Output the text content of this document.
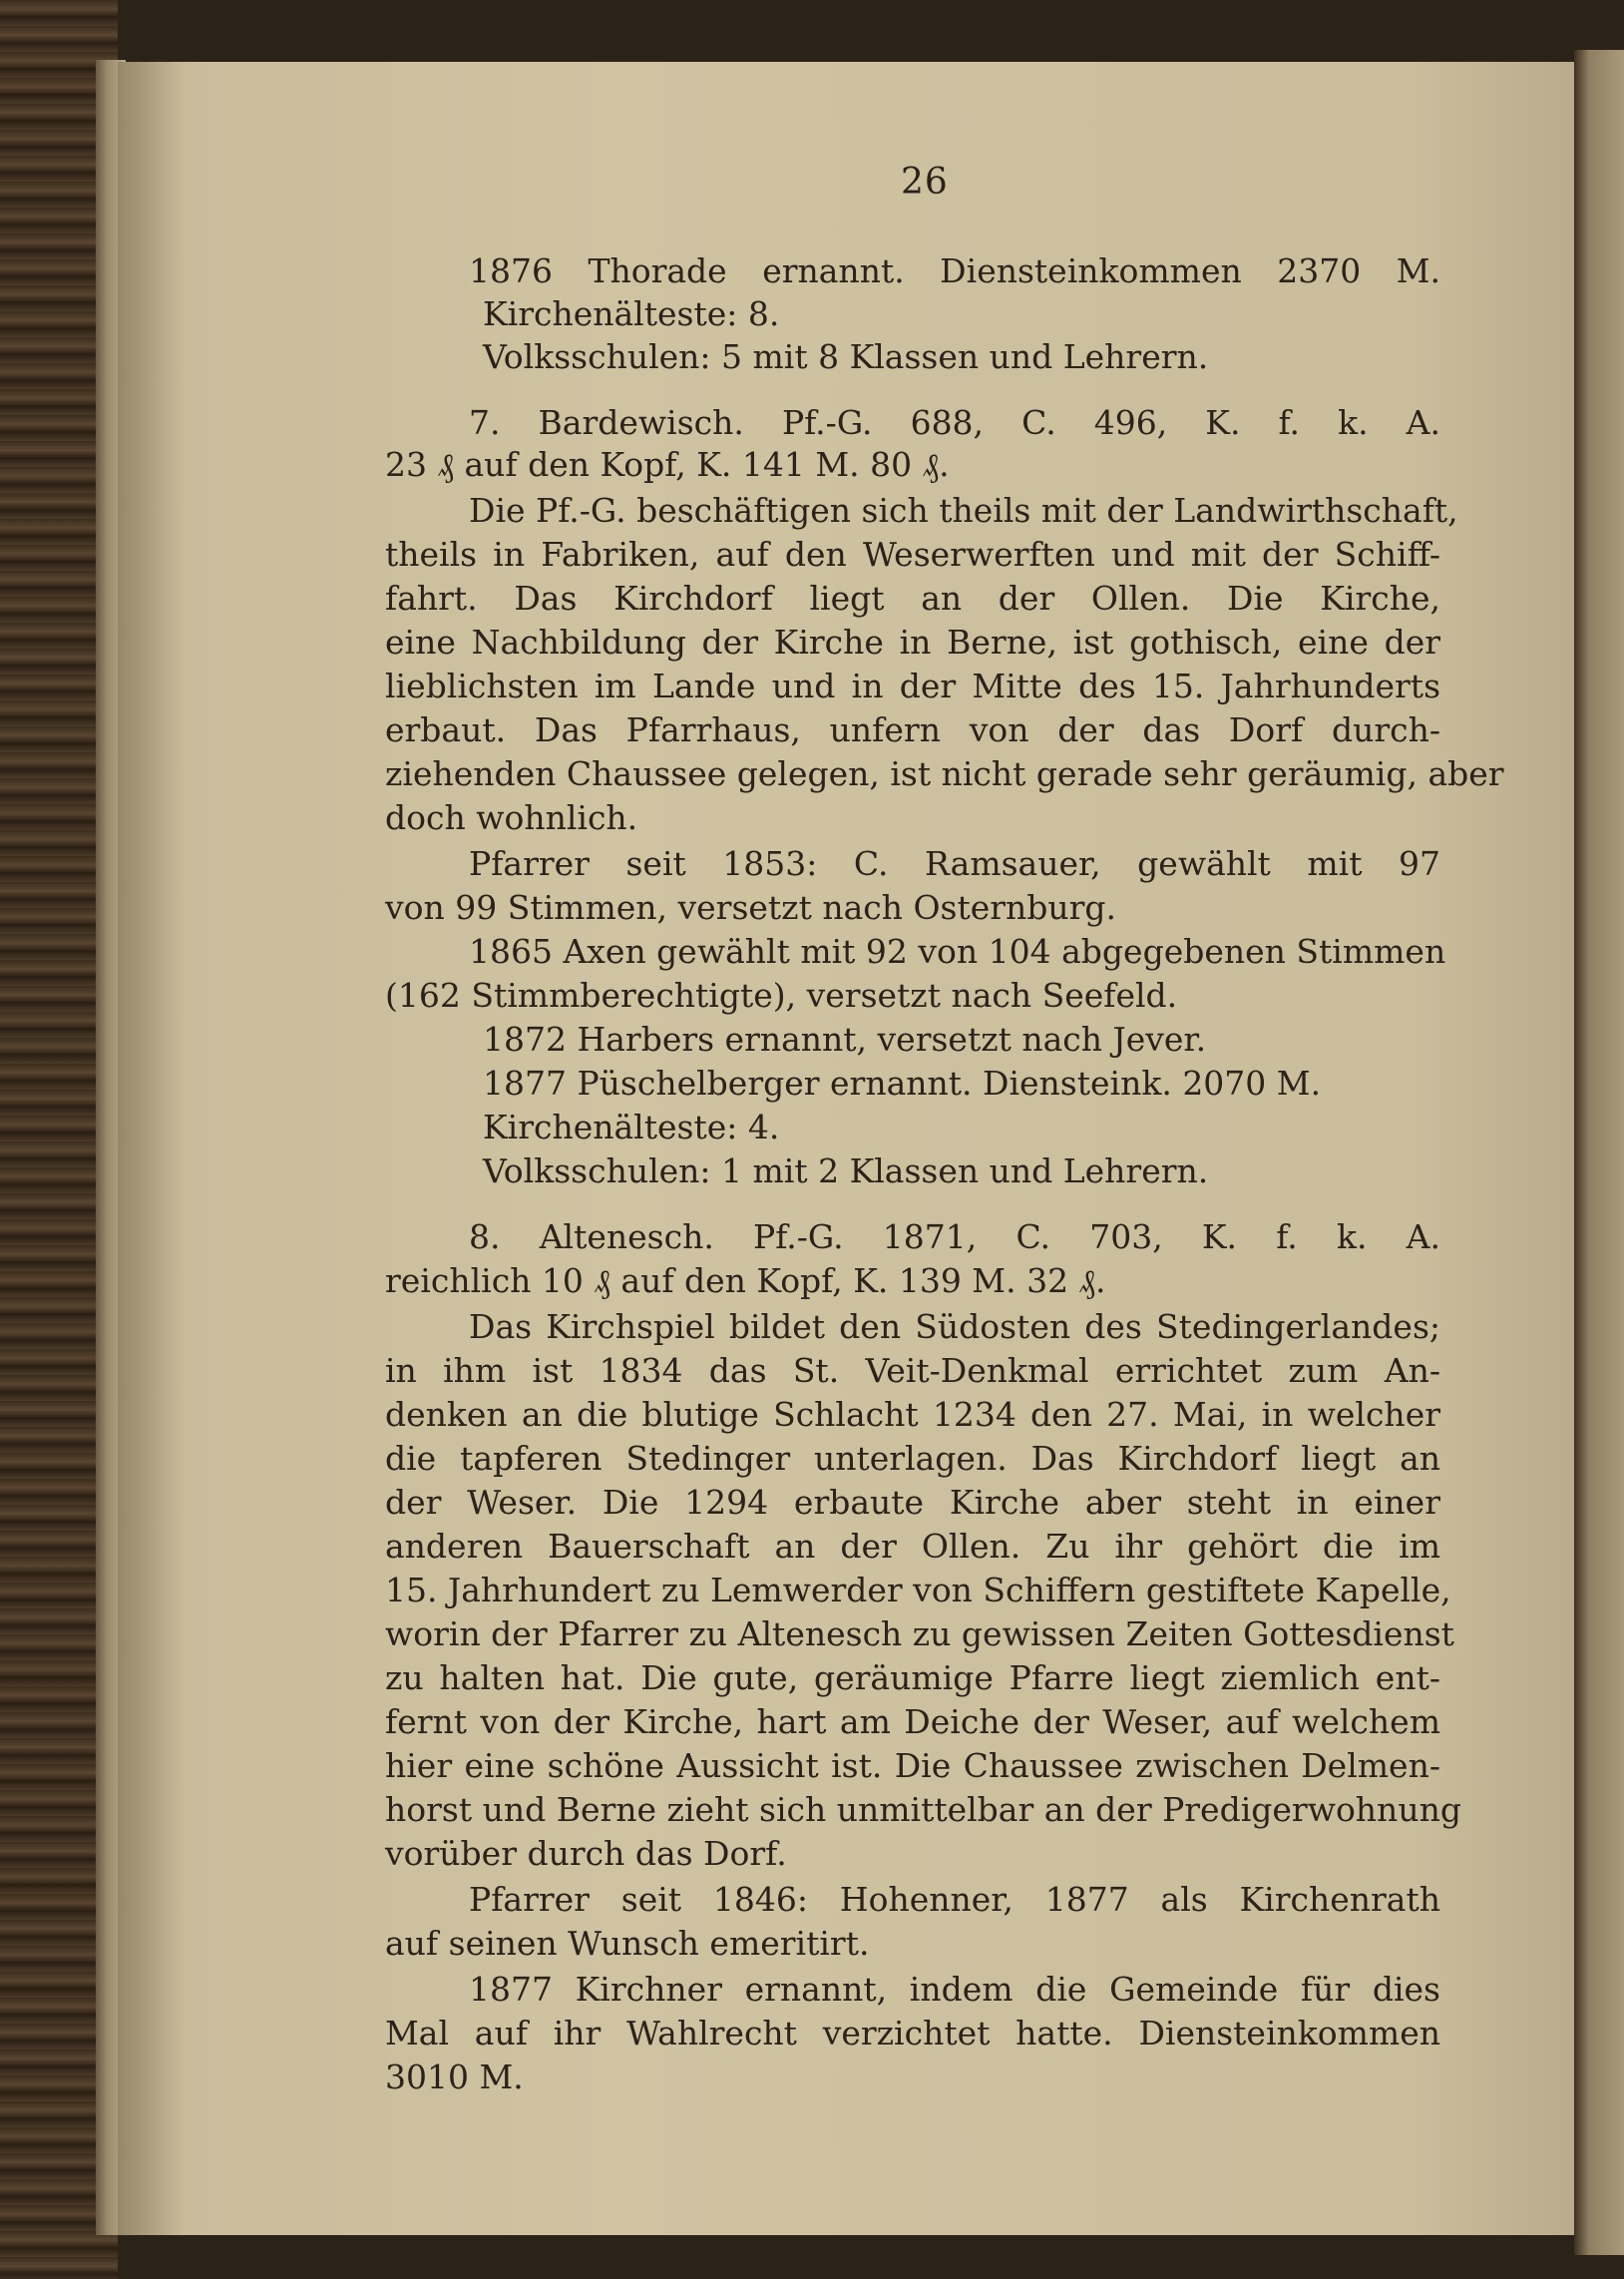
26
1876 Thorade ernannt. Diensteinkommen 2370 M.
Kirchenälteste: 8.
Volksschulen: 5 mit 8 Klassen und Lehrern.
7. Bardewisch. Pf.-G. 688, C. 496, K. f. k. A.
23 ₰ auf den Kopf, K. 141 M. 80 ₰.
Die Pf.-G. beschäftigen sich theils mit der Landwirthschaft,
theils in Fabriken, auf den Weserwerften und mit der Schiff-
fahrt. Das Kirchdorf liegt an der Ollen. Die Kirche,
eine Nachbildung der Kirche in Berne, ist gothisch, eine der
lieblichsten im Lande und in der Mitte des 15. Jahrhunderts
erbaut. Das Pfarrhaus, unfern von der das Dorf durch-
ziehenden Chaussee gelegen, ist nicht gerade sehr geräumig, aber
doch wohnlich.
Pfarrer seit 1853: C. Ramsauer, gewählt mit 97
von 99 Stimmen, versetzt nach Osternburg.
1865 Axen gewählt mit 92 von 104 abgegebenen Stimmen
(162 Stimmberechtigte), versetzt nach Seefeld.
1872 Harbers ernannt, versetzt nach Jever.
1877 Püschelberger ernannt. Diensteink. 2070 M.
Kirchenälteste: 4.
Volksschulen: 1 mit 2 Klassen und Lehrern.
8. Altenesch. Pf.-G. 1871, C. 703, K. f. k. A.
reichlich 10 ₰ auf den Kopf, K. 139 M. 32 ₰.
Das Kirchspiel bildet den Südosten des Stedingerlandes;
in ihm ist 1834 das St. Veit-Denkmal errichtet zum An-
denken an die blutige Schlacht 1234 den 27. Mai, in welcher
die tapferen Stedinger unterlagen. Das Kirchdorf liegt an
der Weser. Die 1294 erbaute Kirche aber steht in einer
anderen Bauerschaft an der Ollen. Zu ihr gehört die im
15. Jahrhundert zu Lemwerder von Schiffern gestiftete Kapelle,
worin der Pfarrer zu Altenesch zu gewissen Zeiten Gottesdienst
zu halten hat. Die gute, geräumige Pfarre liegt ziemlich ent-
fernt von der Kirche, hart am Deiche der Weser, auf welchem
hier eine schöne Aussicht ist. Die Chaussee zwischen Delmen-
horst und Berne zieht sich unmittelbar an der Predigerwohnung
vorüber durch das Dorf.
Pfarrer seit 1846: Hohenner, 1877 als Kirchenrath
auf seinen Wunsch emeritirt.
1877 Kirchner ernannt, indem die Gemeinde für dies
Mal auf ihr Wahlrecht verzichtet hatte. Diensteinkommen
3010 M.
